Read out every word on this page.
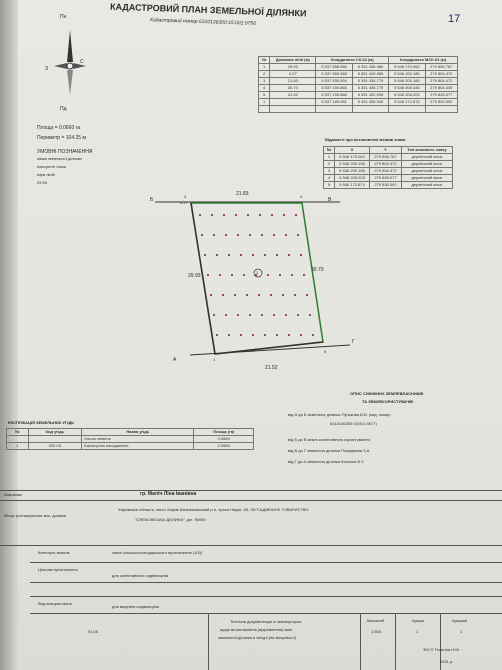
КАДАСТРОВИЙ ПЛАН ЗЕМЕЛЬНОЇ ДІЛЯНКИ
Кадастровий номер 6310136300:15:001:0756	17
Пн
З
С
Пд
Площа = 0.0660 га
Периметр = 104.25 м
УМОВНІ ПОЗНАЧЕННЯ
межа земельної ділянки
поворотні точки
міри ліній
29.93
№	Довжина лінії (м)	Координати СК-63 (м)		Координати МСК-63 (м)	
1	29.93	5 537 558.555	5 351 436.480	5 546 170.062	279 806.767
2	0.27	5 537 559.565	5 351 440.565	5 546 200.185	279 804.472
3	21.83	5 537 539.904	5 351 436.775	5 546 200.185	279 804.472
4	30.70	5 537 190.865	5 351 436.775	5 546 208.446	279 804.435
5	21.52	5 537 190.865	5 351 452.005	5 546 205.203	279 828.077
1		5 537 189.961	5 351 458.945	5 546 172.874	279 830.092

Відомості про встановлені межові знаки
№	X	Y	Тип межового знаку
1	5 546 170.062	279 806.767	дерев'яний кілок
2	5 546 200.185	279 804.472	дерев'яний кілок
3	5 546 200.185	279 804.472	дерев'яний кілок
4	5 546 205.203	279 828.077	дерев'яний кілок
5	5 546 172.874	279 830.092	дерев'яний кілок
Б	В
А
Г
3
0.27
4
1
5
21.83
29.93
30.70
21.52
1
ОПИС СУМІЖНИХ ЗЕМЛЕВЛАСНИКІВ
ТА ЗЕМЛЕКОРИСТУВАЧІВ
від А до Б земельна ділянка Пунькова В.В. (кад. номер
6310136300:15:001:0677)
від Б до В землі колективного користування
від В до Г земельна ділянка Пожидаєва З.А.
від Г до А земельна ділянка Колочка В.У.
ЕКСПЛІКАЦІЯ ЗЕМЕЛЬНИХ УГІДЬ
№	Код угідь	Назва угідь	Площа (га)
		Усього земель	0.0660
1	002.03	Багаторічні насадження	0.0660
Замовник	гр. Маліч Ліна Іванівна
Місце розташування зем. ділянки
Харківська область, місто Харків Шевченківський р-н, просп.Науки, 65, ОК"САДІВНИЧЕ ТОВАРИСТВО
"ОЛЕКСІЇВСЬКА ДОЛИНА", діл. №594
Категорія земель	землі сільськогосподарського призначення (100)
Цільове призначення
для колективного садівництва
Вид використання
для ведення садівництва
01.06
Технічна документація із землеустрою
щодо встановлення (відновлення) меж
земельної ділянки в натурі (на місцевості)
Масштаб
1:500
Аркуш
1
Аркушів
1
ФО-П Тєлєгіна Н.М.
2021 р.
